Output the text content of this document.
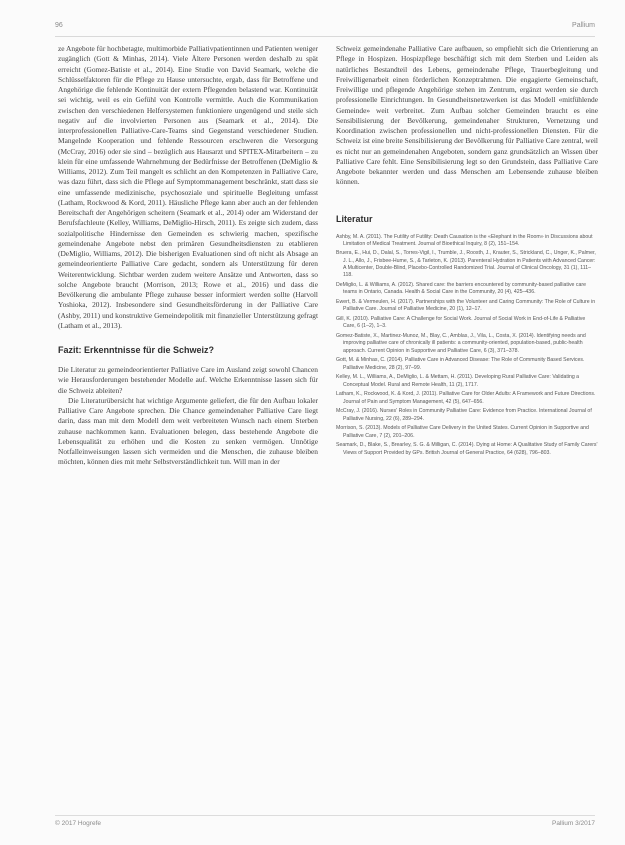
96	Pallium

ze Angebote für hochbetagte, multimorbide Palliativpatientinnen und Patienten weniger zugänglich (Gott & Minhas, 2014). Viele Ältere Personen werden deshalb zu spät erreicht (Gomez-Batiste et al., 2014). Eine Studie von David Seamark, welche die Schlüsselfaktoren für die Pflege zu Hause untersuchte, ergab, dass für Betroffene und Angehörige die fehlende Kontinuität der extern Pflegenden belastend war. Kontinuität sei wichtig, weil es ein Gefühl von Kontrolle vermittle. Auch die Kommunikation zwischen den verschiedenen Helfersystemen funktioniere ungenügend und steile sich negativ auf die involvierten Personen aus (Seamark et al., 2014). Die interprofessionellen Palliative-Care-Teams sind Gegenstand verschiedener Studien. Mangelnde Kooperation und fehlende Ressourcen erschweren die Versorgung (McCray, 2016) oder sie sind – bezüglich aus Hausarzt und SPITEX-Mitarbeitern – zu klein für eine umfassende Wahrnehmung der Bedürfnisse der Betroffenen (DeMiglio & Williams, 2012). Zum Teil mangelt es schlicht an den Kompetenzen in Palliative Care, was dazu führt, dass sich die Pflege auf Symptommanagement beschränkt, statt dass sie eine umfassende medizinische, psychosoziale und spirituelle Begleitung umfasst (Latham, Rockwood & Kord, 2011). Häusliche Pflege kann aber auch an der fehlenden Bereitschaft der Angehörigen scheitern (Seamark et al., 2014) oder am Widerstand der Berufsfachleute (Kelley, Williams, DeMiglio-Hirsch, 2011). Es zeigte sich zudem, dass sozialpolitische Hindernisse den Gemeinden es schwierig machen, spezifische gemeindenahe Angebote nebst den primären Gesundheitsdiensten zu etablieren (DeMiglio, Williams, 2012). Die bisherigen Evaluationen sind oft nicht als Absage an gemeindeorientierte Palliative Care gedacht, sondern als Unterstützung für deren Weiterentwicklung. Sichtbar werden zudem weitere Ansätze und Antworten, dass so solche Angebote braucht (Morrison, 2013; Rowe et al., 2016) und dass die Bevölkerung die ambulante Pflege zuhause besser informiert werden sollte (Harvoll Yoshioka, 2012). Insbesondere sind Gesundheitsförderung in der Palliative Care (Ashby, 2011) und konstruktive Gemeindepolitik mit finanzieller Unterstützung gefragt (Latham et al., 2013).

Fazit: Erkenntnisse für die Schweiz?

Die Literatur zu gemeindeorientierter Palliative Care im Ausland zeigt sowohl Chancen wie Herausforderungen bestehender Modelle auf. Welche Erkenntnisse lassen sich für die Schweiz ableiten?

Die Literaturübersicht hat wichtige Argumente geliefert, die für den Aufbau lokaler Palliative Care Angebote sprechen. Die Chance gemeindenaher Palliative Care liegt darin, dass man mit dem Modell dem weit verbreiteten Wunsch nach einem Sterben zuhause nachkommen kann. Evaluationen belegen, dass bestehende Angebote die Lebensqualität zu erhöhen und die Kosten zu senken vermögen. Unnötige Notfalleinweisungen lassen sich vermeiden und die Menschen, die zuhause bleiben möchten, können dies mit mehr Selbstverständlichkeit tun. Will man in der

Schweiz gemeindenahe Palliative Care aufbauen, so empfiehlt sich die Orientierung an Pflege in Hospizen. Hospizpflege beschäftigt sich mit dem Sterben und Leiden als natürliches Bestandteil des Lebens, gemeindenahe Pflege, Trauerbegleitung und Freiwilligenarbeit einen förderlichen Konzeptrahmen. Die engagierte Gemeinschaft, Freiwillige und pflegende Angehörige stehen im Zentrum, ergänzt werden sie durch professionelle Einrichtungen. In Gesundheitsnetzwerken ist das Modell «mitfühlende Gemeinde» weit verbreitet. Zum Aufbau solcher Gemeinden braucht es eine Sensibilisierung der Bevölkerung, gemeindenaher Strukturen, Vernetzung und Koordination zwischen professionellen und nicht-professionellen Diensten. Für die Schweiz ist eine breite Sensibilisierung der Bevölkerung für Palliative Care zentral, weil es nicht nur an gemeindenahen Angeboten, sondern ganz grundsätzlich an Wissen über Palliative Care fehlt. Eine Sensibilisierung legt so den Grundstein, dass Palliative Care Angebote bekannter werden und dass Menschen am Lebensende zuhause bleiben können.

Literatur
Ashby, M. A. (2011). The Futility of Futility: Death Causation is the «Elephant in the Room» in Discussions about Limitation of Medical Treatment. Journal of Bioethical Inquiry, 8 (2), 151–154.
Bruera, E., Hui, D., Dalal, S., Torres-Vigil, I., Trumble, J., Roosth, J., Krauter, S., Strickland, C., Unger, K., Palmer, J. L., Allo, J., Frisbee-Hume, S., & Tarleton, K. (2013). Parenteral Hydration in Patients with Advanced Cancer: A Multicenter, Double-Blind, Placebo-Controlled Randomized Trial. Journal of Clinical Oncology, 31 (1), 111–118.
DeMiglio, L. & Williams, A. (2012). Shared care: the barriers encountered by community-based palliative care teams in Ontario, Canada. Health & Social Care in the Community, 20 (4), 425–436.
Ewert, B. & Vermeulen, H. (2017). Partnerships with the Volunteer and Caring Community: The Role of Culture in Palliative Care. Journal of Palliative Medicine, 20 (1), 12–17.
Gill, K. (2010). Palliative Care: A Challenge for Social Work. Journal of Social Work in End-of-Life & Palliative Care, 6 (1–2), 1–3.
Gomez-Batiste, X., Martinez-Munoz, M., Blay, C., Amblas, J., Vila, L., Costa, X. (2014). Identifying needs and improving palliative care of chronically ill patients: a community-oriented, population-based, public-health approach. Current Opinion in Supportive and Palliative Care, 6 (3), 371–378.
Gott, M. & Minhas, C. (2014). Palliative Care in Advanced Disease: The Role of Community Based Services. Palliative Medicine, 28 (2), 97–99.
Kelley, M. L., Williams, A., DeMiglio, L. & Mettam, H. (2011). Developing Rural Palliative Care: Validating a Conceptual Model. Rural and Remote Health, 11 (2), 1717.
Latham, K., Rockwood, K. & Kord, J. (2011). Palliative Care for Older Adults: A Framework and Future Directions. Journal of Pain and Symptom Management, 42 (5), 647–656.
McCray, J. (2016). Nurses' Roles in Community Palliative Care: Evidence from Practice. International Journal of Palliative Nursing, 22 (6), 289–294.
Morrison, S. (2013). Models of Palliative Care Delivery in the United States. Current Opinion in Supportive and Palliative Care, 7 (2), 201–206.
Seamark, D., Blake, S., Brearley, S. G. & Milligan, C. (2014). Dying at Home: A Qualitative Study of Family Carers' Views of Support Provided by GPs. British Journal of General Practice, 64 (628), 796–803.
© 2017 Hogrefe	Pallium 3/2017
